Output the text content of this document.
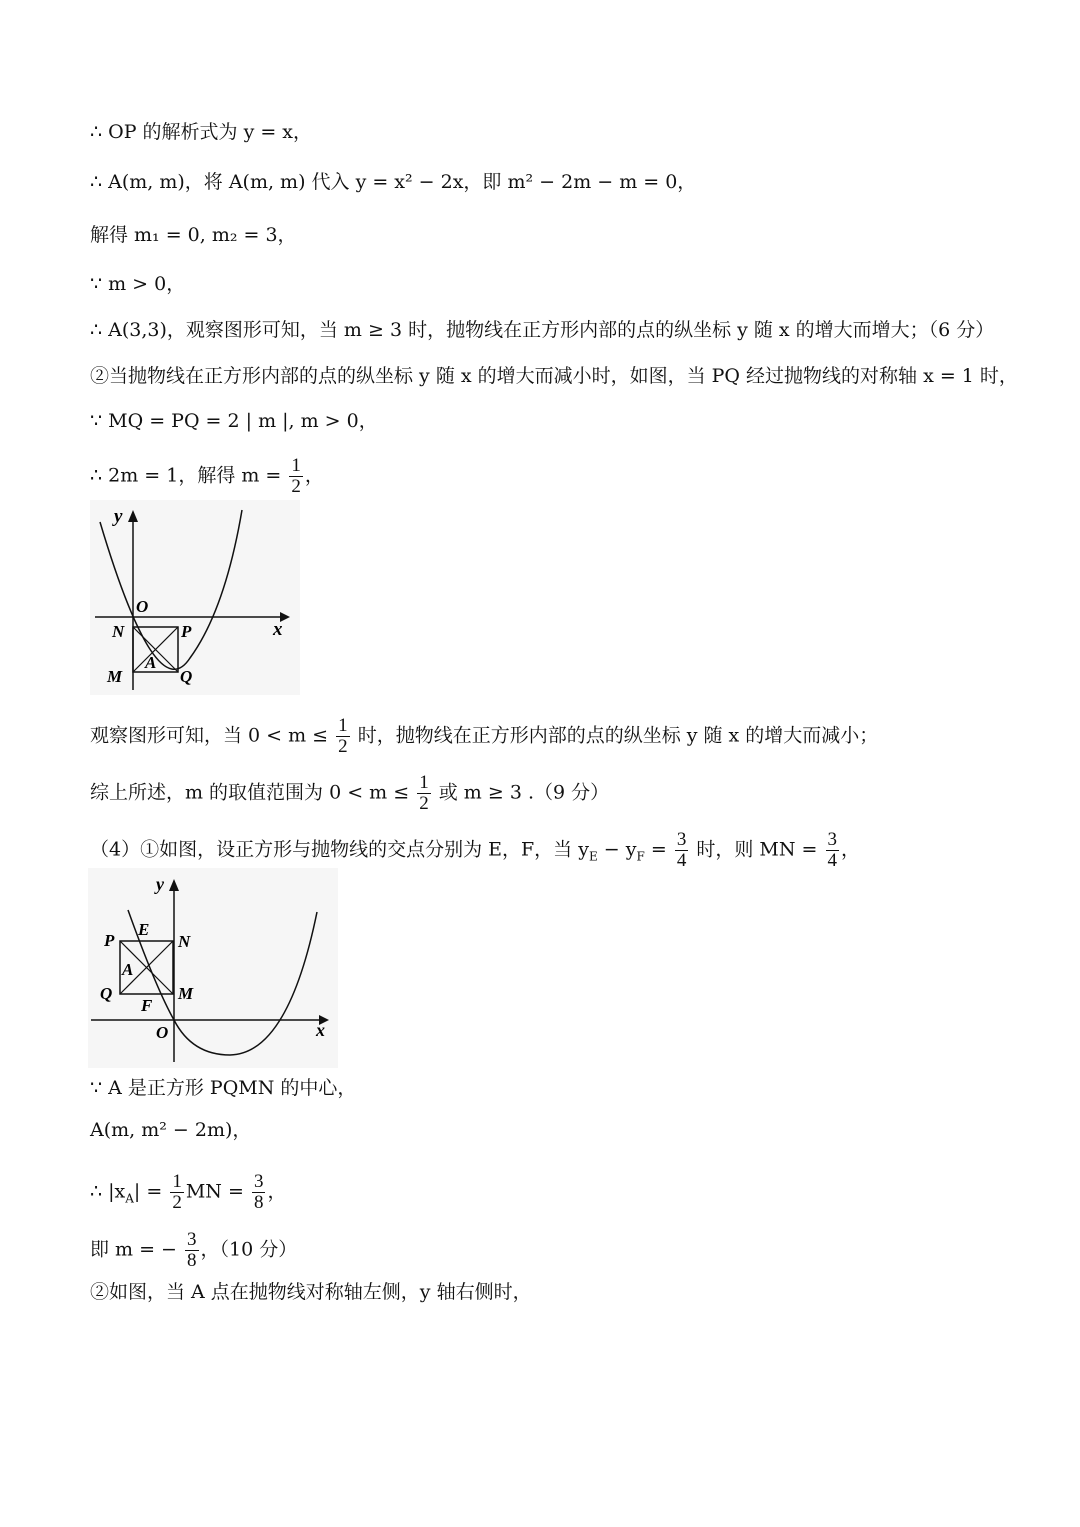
∴ OP 的解析式为 y = x，
∴ A(m, m)，将 A(m, m) 代入 y = x² − 2x，即 m² − 2m − m = 0，
解得 m₁ = 0, m₂ = 3，
∵ m > 0，
∴ A(3,3)，观察图形可知，当 m ≥ 3 时，抛物线在正方形内部的点的纵坐标 y 随 x 的增大而增大；（6 分）
②当抛物线在正方形内部的点的纵坐标 y 随 x 的增大而减小时，如图，当 PQ 经过抛物线的对称轴 x = 1 时，
∵ MQ = PQ = 2 | m |, m > 0，
∴ 2m = 1，解得 $m = \frac{1}{2}$ ，
y
x
O
N	P
A
M	Q
观察图形可知，当 $0 < m \le \frac{1}{2}$ 时，抛物线在正方形内部的点的纵坐标 y 随 x 的增大而减小；
综上所述，m 的取值范围为 $0 < m \le \frac{1}{2}$ 或 m ≥ 3 .（9 分）
（4）①如图，设正方形与抛物线的交点分别为 E，F，当 $y_E - y_F = \frac{3}{4}$ 时，则 MN = $\frac{3}{4}$ ，
y
x
O
P
E
N
A
Q	M
F
∵ A 是正方形 PQMN 的中心，
A(m, m² − 2m)，
∴ $|x_A| = \frac{1}{2}$ MN = $\frac{3}{8}$ ，
即 m = − $\frac{3}{8}$ ，（10 分）
②如图，当 A 点在抛物线对称轴左侧，y 轴右侧时，
